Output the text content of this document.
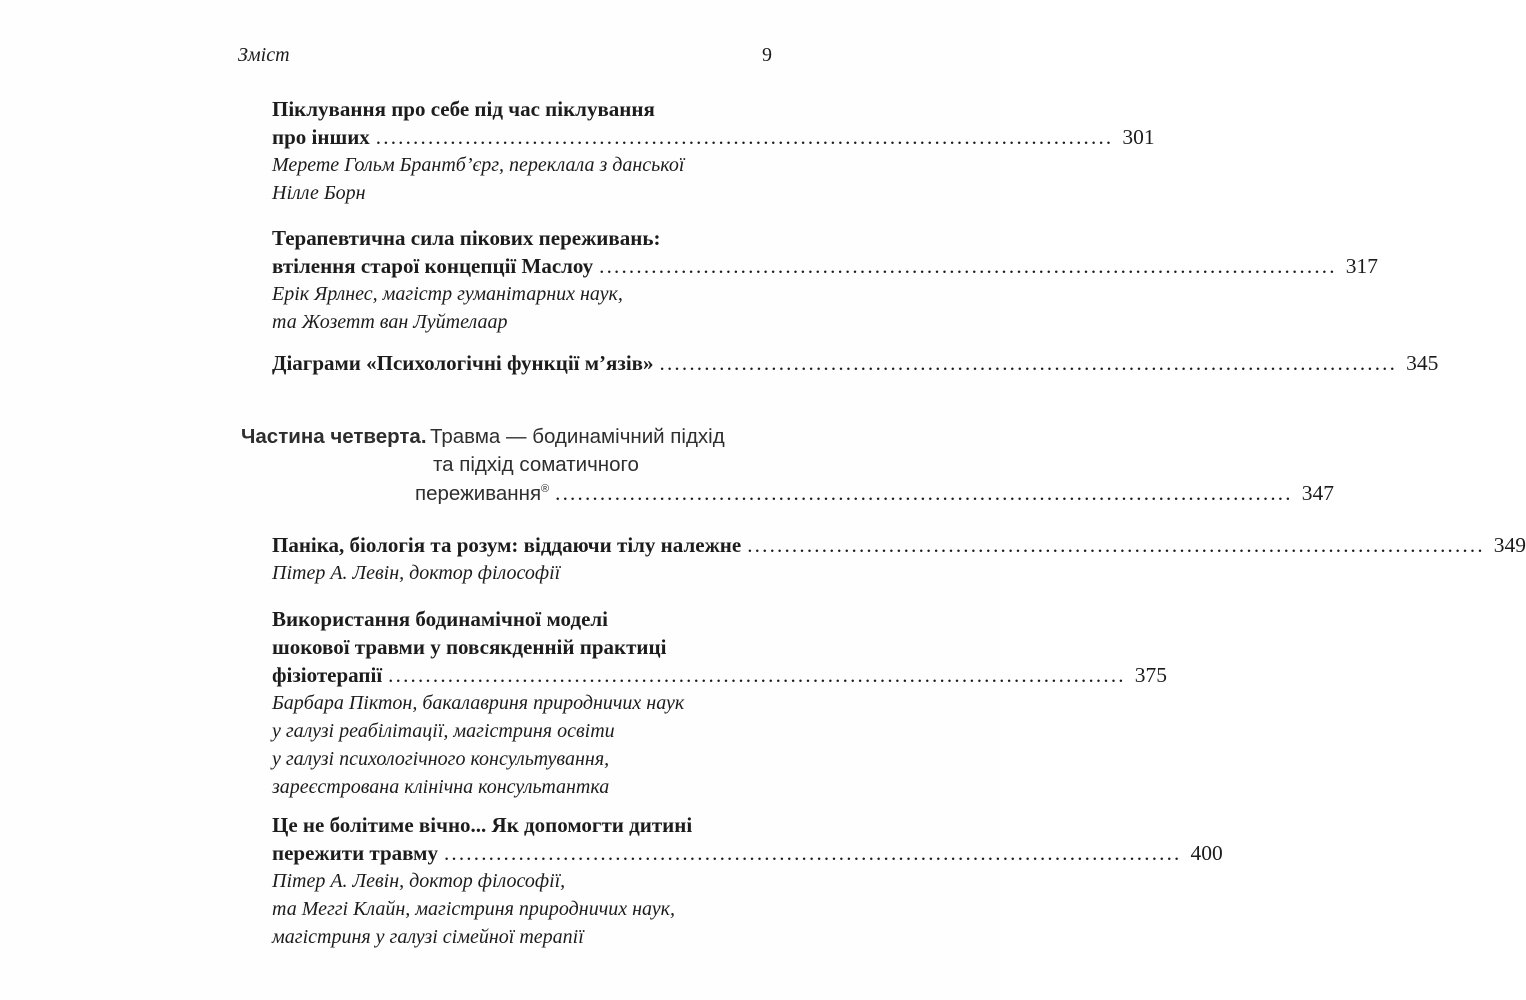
Зміст	9
Піклування про себе під час піклування
про інших .....	301
Мерете Гольм Брантб’єрг, переклала з данської
Нілле Борн
Терапевтична сила пікових переживань:
втілення старої концепції Маслоу .....	317
Ерік Ярлнес, магістр гуманітарних наук,
та Жозетт ван Луйтелаар
Діаграми «Психологічні функції м’язів» .....	345
Частина четверта. Травма — бодинамічний підхід
та підхід соматичного
переживання® .....	347
Паніка, біологія та розум: віддаючи тілу належне .....	349
Пітер А. Левін, доктор філософії
Використання бодинамічної моделі
шокової травми у повсякденній практиці
фізіотерапії .....	375
Барбара Піктон, бакалавриня природничих наук
у галузі реабілітації, магістриня освіти
у галузі психологічного консультування,
зареєстрована клінічна консультантка
Це не болітиме вічно... Як допомогти дитині
пережити травму .....	400
Пітер А. Левін, доктор філософії,
та Меггі Клайн, магістриня природничих наук,
магістриня у галузі сімейної терапії
